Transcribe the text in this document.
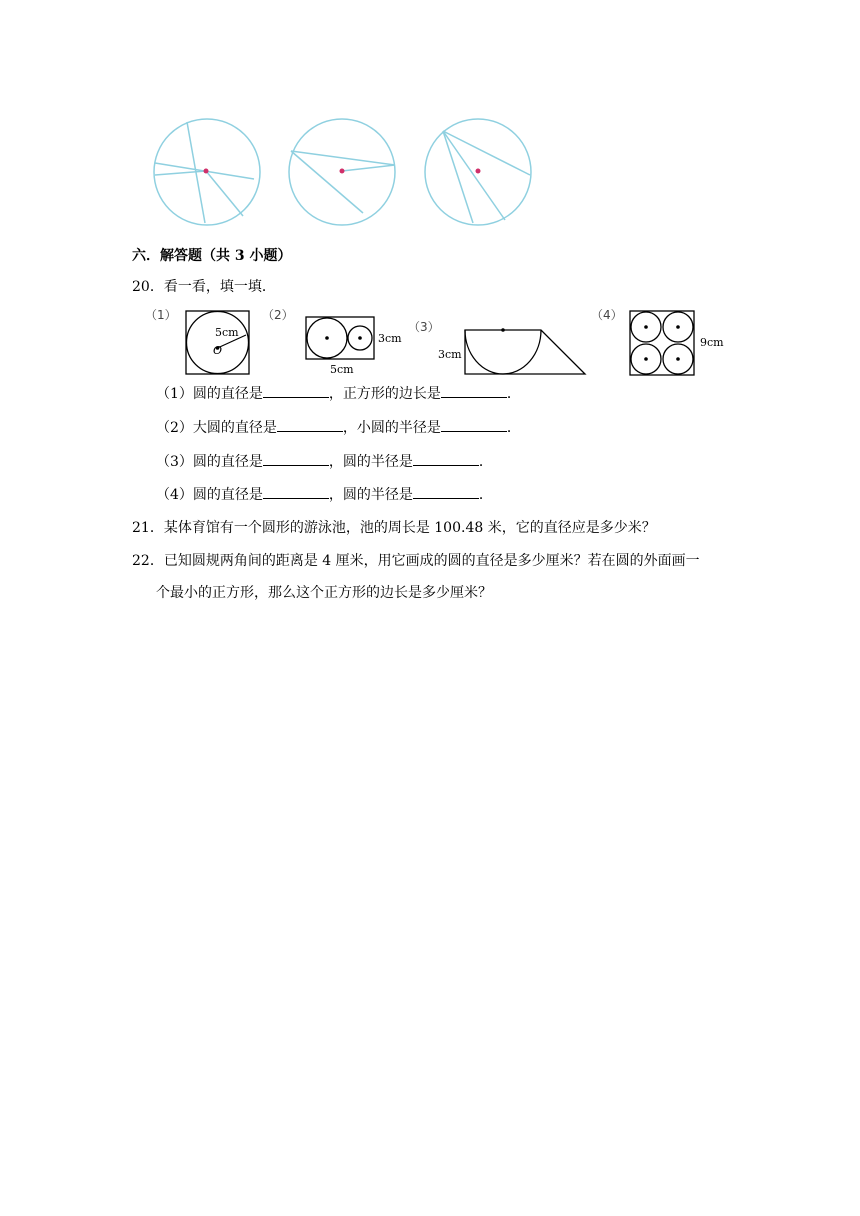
六．解答题（共 3 小题）
20．看一看，填一填．
（1）	（2）
（3）
（4）
5cm
O
3cm
5cm
3cm
9cm
（1）圆的直径是	，正方形的边长是	．
（2）大圆的直径是	，小圆的半径是	．
（3）圆的直径是	，圆的半径是	．
（4）圆的直径是	，圆的半径是	．
21．某体育馆有一个圆形的游泳池，池的周长是 100.48 米，它的直径应是多少米？
22．已知圆规两角间的距离是 4 厘米，用它画成的圆的直径是多少厘米？若在圆的外面画一
个最小的正方形，那么这个正方形的边长是多少厘米？
